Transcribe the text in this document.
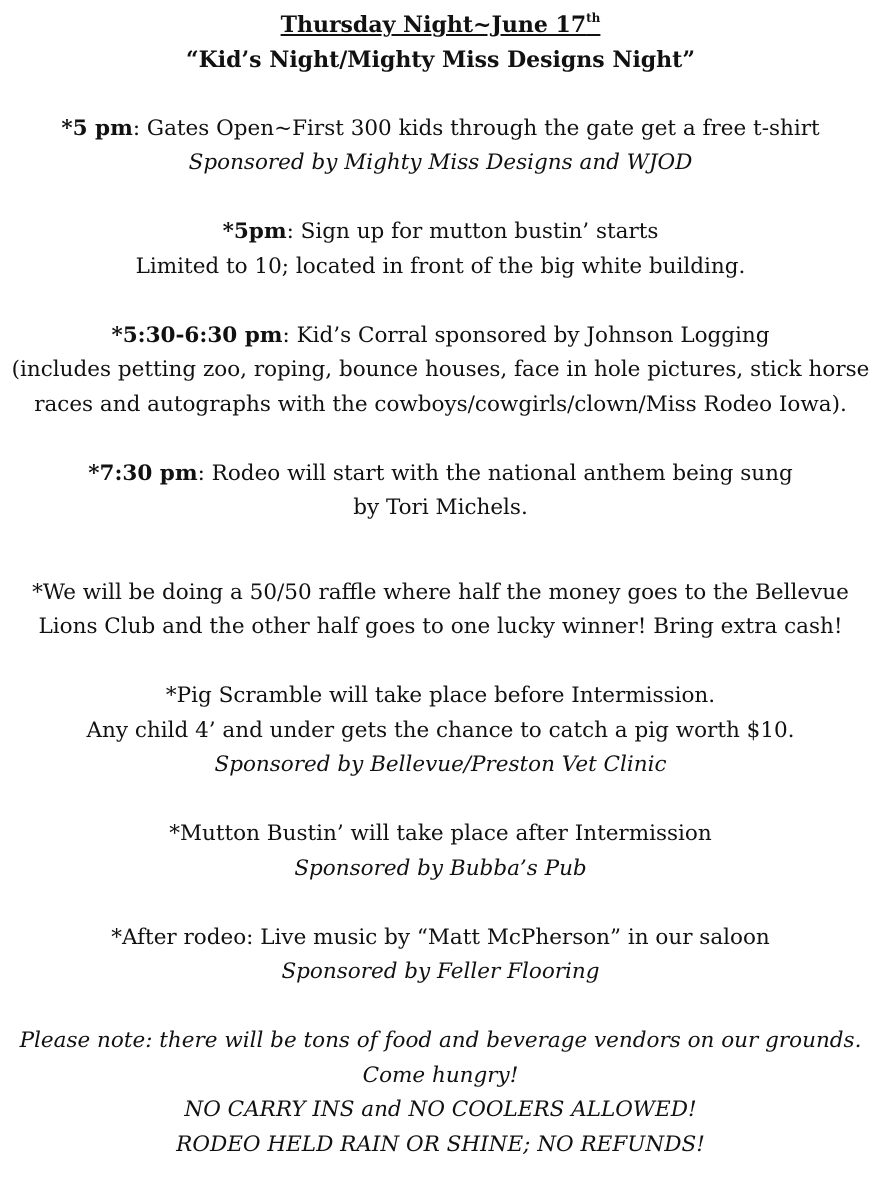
Thursday Night~June 17th
“Kid’s Night/Mighty Miss Designs Night”
*5 pm: Gates Open~First 300 kids through the gate get a free t-shirt
Sponsored by Mighty Miss Designs and WJOD
*5pm: Sign up for mutton bustin’ starts
Limited to 10; located in front of the big white building.
*5:30-6:30 pm: Kid’s Corral sponsored by Johnson Logging
(includes petting zoo, roping, bounce houses, face in hole pictures, stick horse
races and autographs with the cowboys/cowgirls/clown/Miss Rodeo Iowa).
*7:30 pm: Rodeo will start with the national anthem being sung
by Tori Michels.
*We will be doing a 50/50 raffle where half the money goes to the Bellevue
Lions Club and the other half goes to one lucky winner! Bring extra cash!
*Pig Scramble will take place before Intermission.
Any child 4’ and under gets the chance to catch a pig worth $10.
Sponsored by Bellevue/Preston Vet Clinic
*Mutton Bustin’ will take place after Intermission
Sponsored by Bubba’s Pub
*After rodeo: Live music by “Matt McPherson” in our saloon
Sponsored by Feller Flooring
Please note: there will be tons of food and beverage vendors on our grounds.
Come hungry!
NO CARRY INS and NO COOLERS ALLOWED!
RODEO HELD RAIN OR SHINE; NO REFUNDS!
